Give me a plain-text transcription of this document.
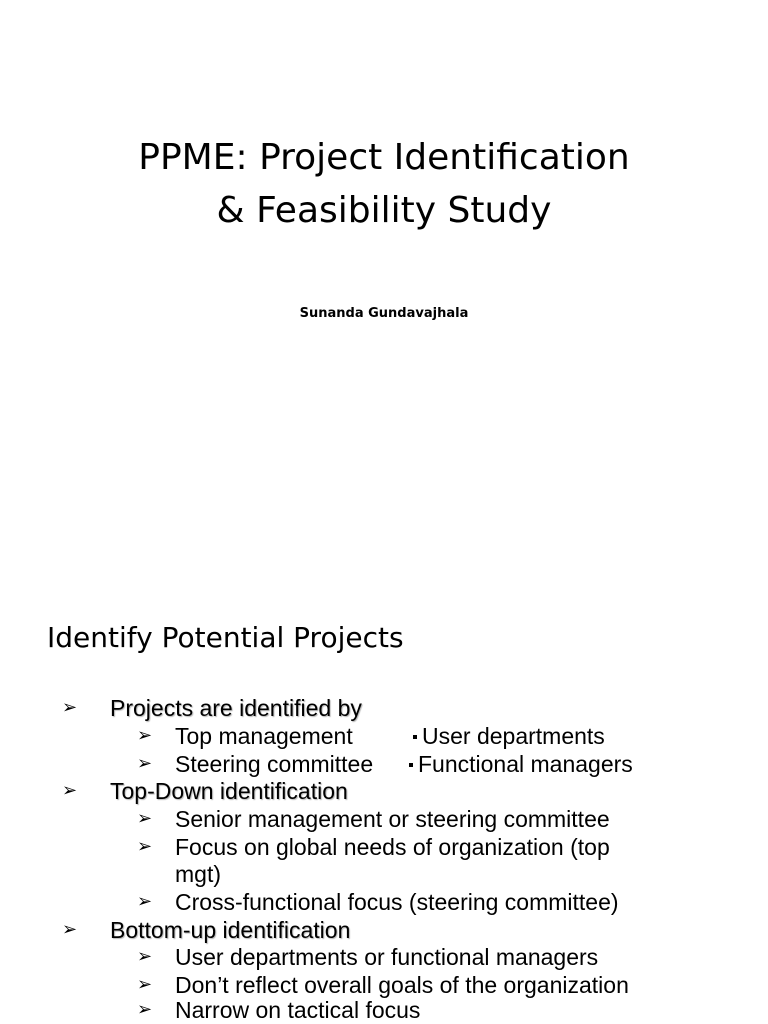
PPME: Project Identification
& Feasibility Study
Sunanda Gundavajhala
Identify Potential Projects
➢ Projects are identified by
➢ Top management	User departments
➢ Steering committee	Functional managers
➢ Top-Down identification
➢ Senior management or steering committee
➢ Focus on global needs of organization (top
mgt)
➢ Cross-functional focus (steering committee)
➢ Bottom-up identification
➢ User departments or functional managers
➢ Don’t reflect overall goals of the organization
➢ Narrow on tactical focus
